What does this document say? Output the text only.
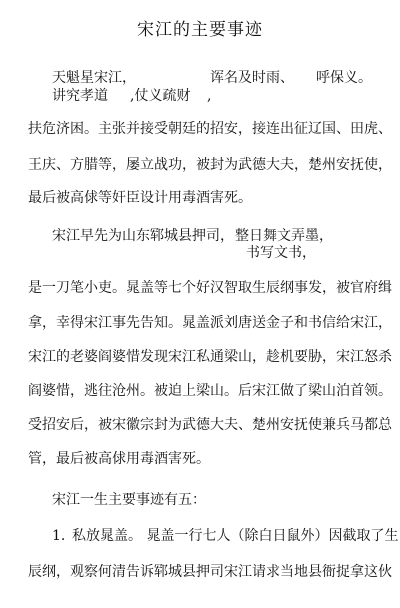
宋江的主要事迹
天魁星宋江，	诨名及时雨、 呼保义。
讲究孝道 ,仗义疏财 ,
扶危济困。主张并接受朝廷的招安，接连出征辽国、田虎、
王庆、方腊等，屡立战功，被封为武德大夫，楚州安抚使，
最后被高俅等奸臣设计用毒酒害死。
宋江早先为山东郓城县押司， 整日舞文弄墨，
书写文书，
是一刀笔小吏。晁盖等七个好汉智取生辰纲事发，被官府缉
拿，幸得宋江事先告知。晁盖派刘唐送金子和书信给宋江，
宋江的老婆阎婆惜发现宋江私通梁山，趁机要胁，宋江怒杀
阎婆惜，逃往沧州。被迫上梁山。后宋江做了梁山泊首领。
受招安后，被宋徽宗封为武德大夫、楚州安抚使兼兵马都总
管，最后被高俅用毒酒害死。
宋江一生主要事迹有五：
1. 私放晁盖。 晁盖一行七人（除白日鼠外）因截取了生
辰纲，观察何清告诉郓城县押司宋江请求当地县衙捉拿这伙
